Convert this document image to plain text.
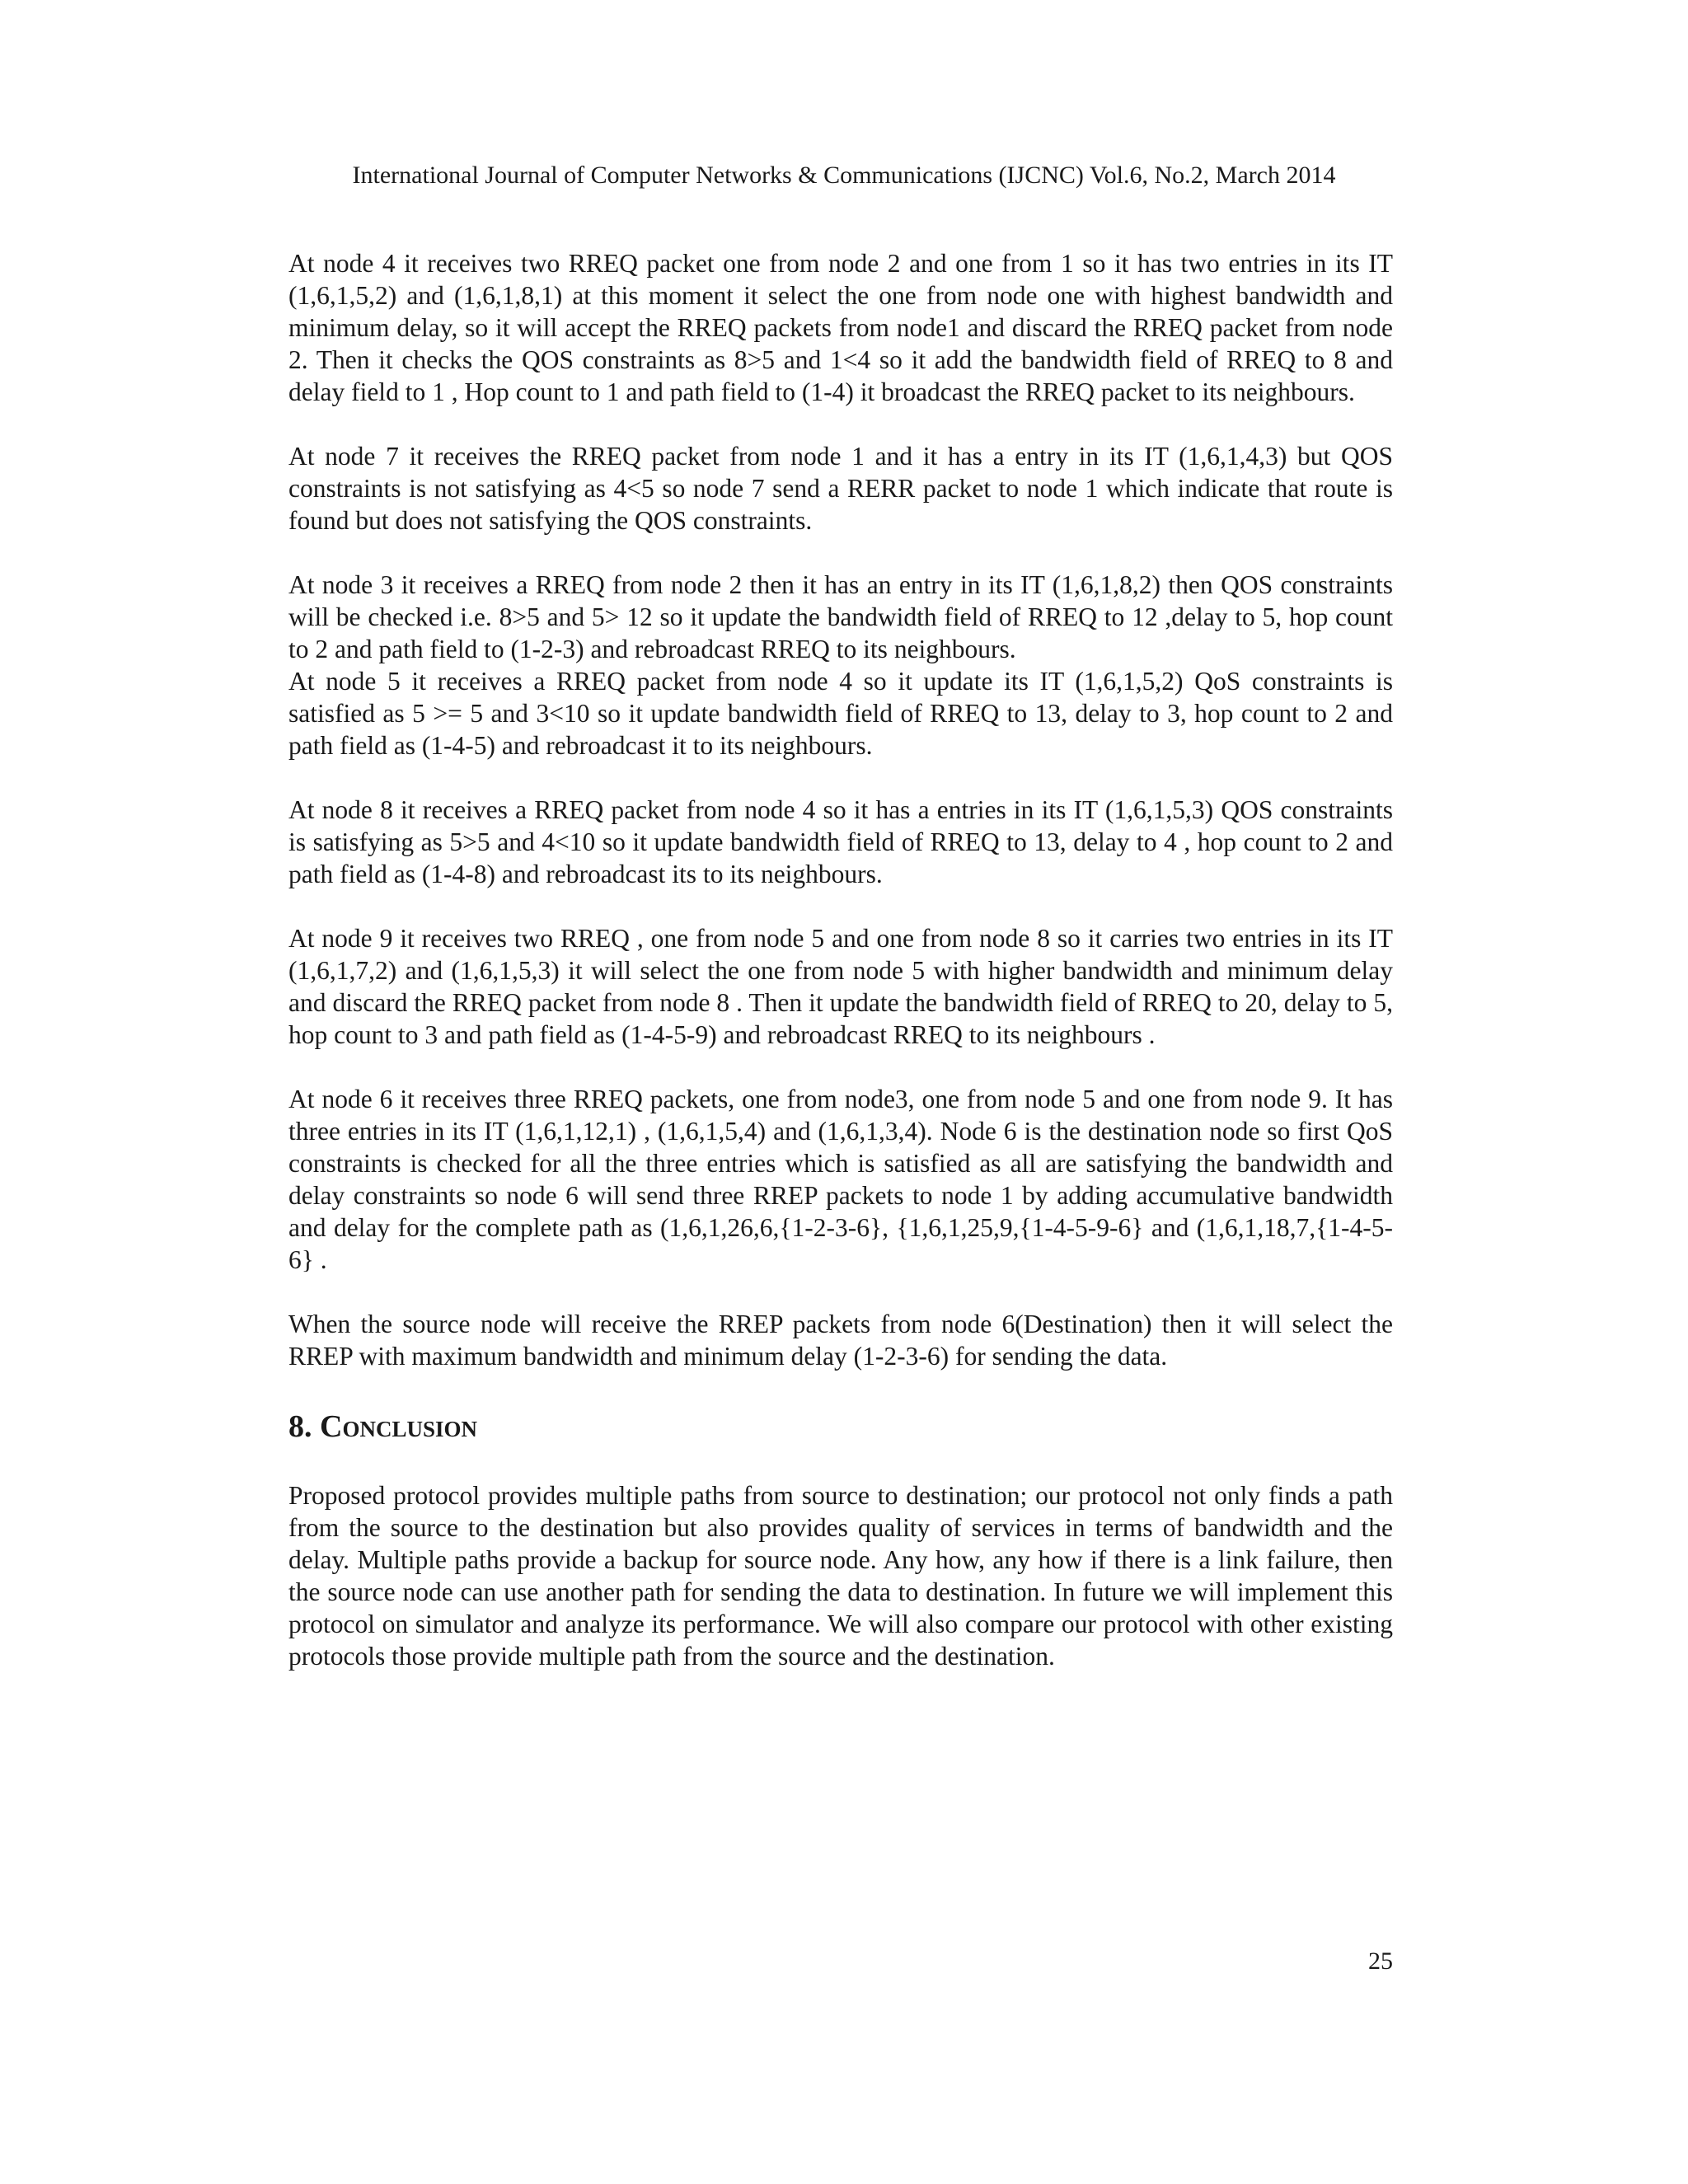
International Journal of Computer Networks & Communications (IJCNC) Vol.6, No.2, March 2014

At node 4 it receives two RREQ packet one from node 2 and one from 1 so it has two entries in its IT (1,6,1,5,2) and (1,6,1,8,1) at this moment it select the one from node one with highest bandwidth and minimum delay, so it will accept the RREQ packets from node1 and discard the RREQ packet from node 2. Then it checks the QOS constraints as 8>5 and 1<4 so it add the bandwidth field of RREQ to 8 and delay field to 1 , Hop count to 1 and path field to (1-4) it broadcast the RREQ packet to its neighbours.

At node 7 it receives the RREQ packet from node 1 and it has a entry in its IT (1,6,1,4,3) but QOS constraints is not satisfying as 4<5 so node 7 send a RERR packet to node 1 which indicate that route is found but does not satisfying the QOS constraints.

At node 3 it receives a RREQ from node 2 then it has an entry in its IT (1,6,1,8,2) then QOS constraints will be checked i.e. 8>5 and 5> 12 so it update the bandwidth field of RREQ to 12 ,delay to 5, hop count to 2 and path field to (1-2-3) and rebroadcast RREQ to its neighbours.

At node 5 it receives a RREQ packet from node 4 so it update its IT (1,6,1,5,2) QoS constraints is satisfied as 5 >= 5 and 3<10 so it update bandwidth field of RREQ to 13, delay to 3, hop count to 2 and path field as (1-4-5) and rebroadcast it to its neighbours.

At node 8 it receives a RREQ packet from node 4 so it has a entries in its IT (1,6,1,5,3) QOS constraints is satisfying as 5>5 and 4<10 so it update bandwidth field of RREQ to 13, delay to 4 , hop count to 2 and path field as (1-4-8) and rebroadcast its to its neighbours.

At node 9 it receives two RREQ , one from node 5 and one from node 8 so it carries two entries in its IT (1,6,1,7,2) and (1,6,1,5,3) it will select the one from node 5 with higher bandwidth and minimum delay and discard the RREQ packet from node 8 . Then it update the bandwidth field of RREQ to 20, delay to 5, hop count to 3 and path field as (1-4-5-9) and rebroadcast RREQ to its neighbours .

At node 6 it receives three RREQ packets, one from node3, one from node 5 and one from node 9. It has three entries in its IT (1,6,1,12,1) , (1,6,1,5,4) and (1,6,1,3,4). Node 6 is the destination node so first QoS constraints is checked for all the three entries which is satisfied as all are satisfying the bandwidth and delay constraints so node 6 will send three RREP packets to node 1 by adding accumulative bandwidth and delay for the complete path as (1,6,1,26,6,{1-2-3-6}, {1,6,1,25,9,{1-4-5-9-6} and (1,6,1,18,7,{1-4-5-6} .

When the source node will receive the RREP packets from node 6(Destination) then it will select the RREP with maximum bandwidth and minimum delay (1-2-3-6) for sending the data.

8. Conclusion

Proposed protocol provides multiple paths from source to destination; our protocol not only finds a path from the source to the destination but also provides quality of services in terms of bandwidth and the delay. Multiple paths provide a backup for source node. Any how, any how if there is a link failure, then the source node can use another path for sending the data to destination. In future we will implement this protocol on simulator and analyze its performance. We will also compare our protocol with other existing protocols those provide multiple path from the source and the destination.

25
